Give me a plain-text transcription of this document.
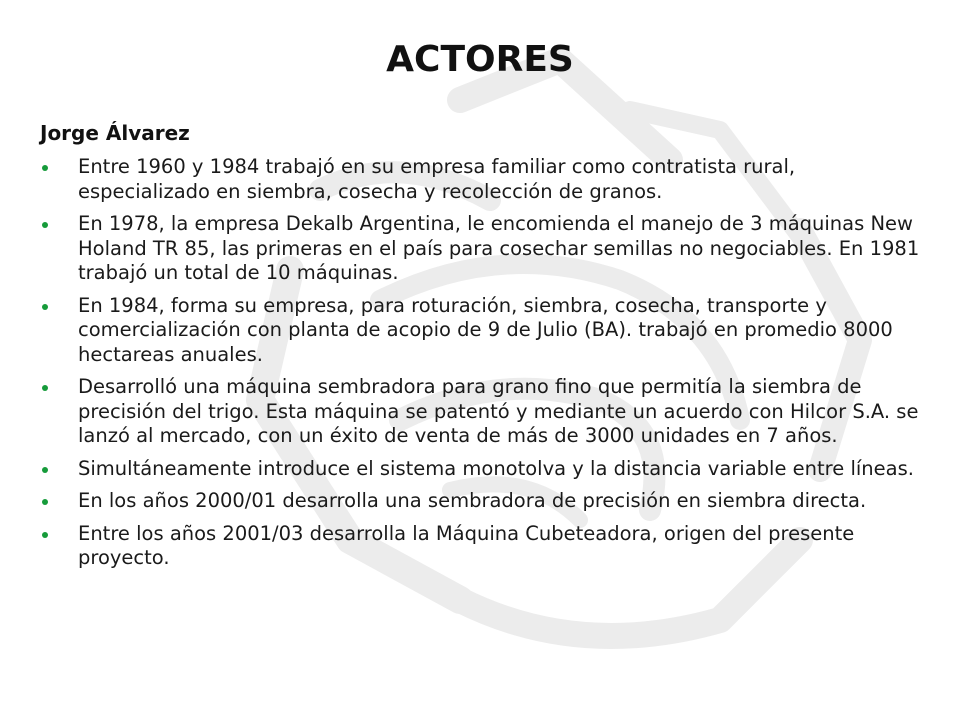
ACTORES
Jorge Álvarez
Entre 1960 y 1984 trabajó en su empresa familiar como contratista rural, especializado en siembra, cosecha y recolección de granos.
En 1978, la empresa Dekalb Argentina, le encomienda el manejo de 3 máquinas New Holand TR 85, las primeras en el país para cosechar semillas no negociables. En 1981 trabajó un total de 10 máquinas.
En 1984, forma su empresa, para roturación, siembra, cosecha, transporte y comercialización con planta de acopio de 9 de Julio (BA). trabajó en promedio 8000 hectareas anuales.
Desarrolló una máquina sembradora para grano fino que permitía la siembra de precisión del trigo. Esta máquina se patentó y mediante un acuerdo con Hilcor S.A. se lanzó al mercado, con un éxito de venta de más de 3000 unidades en 7 años.
Simultáneamente introduce el sistema monotolva y la distancia variable entre líneas.
En los años 2000/01 desarrolla una sembradora de precisión en siembra directa.
Entre los años 2001/03 desarrolla la Máquina Cubeteadora, origen del presente proyecto.
